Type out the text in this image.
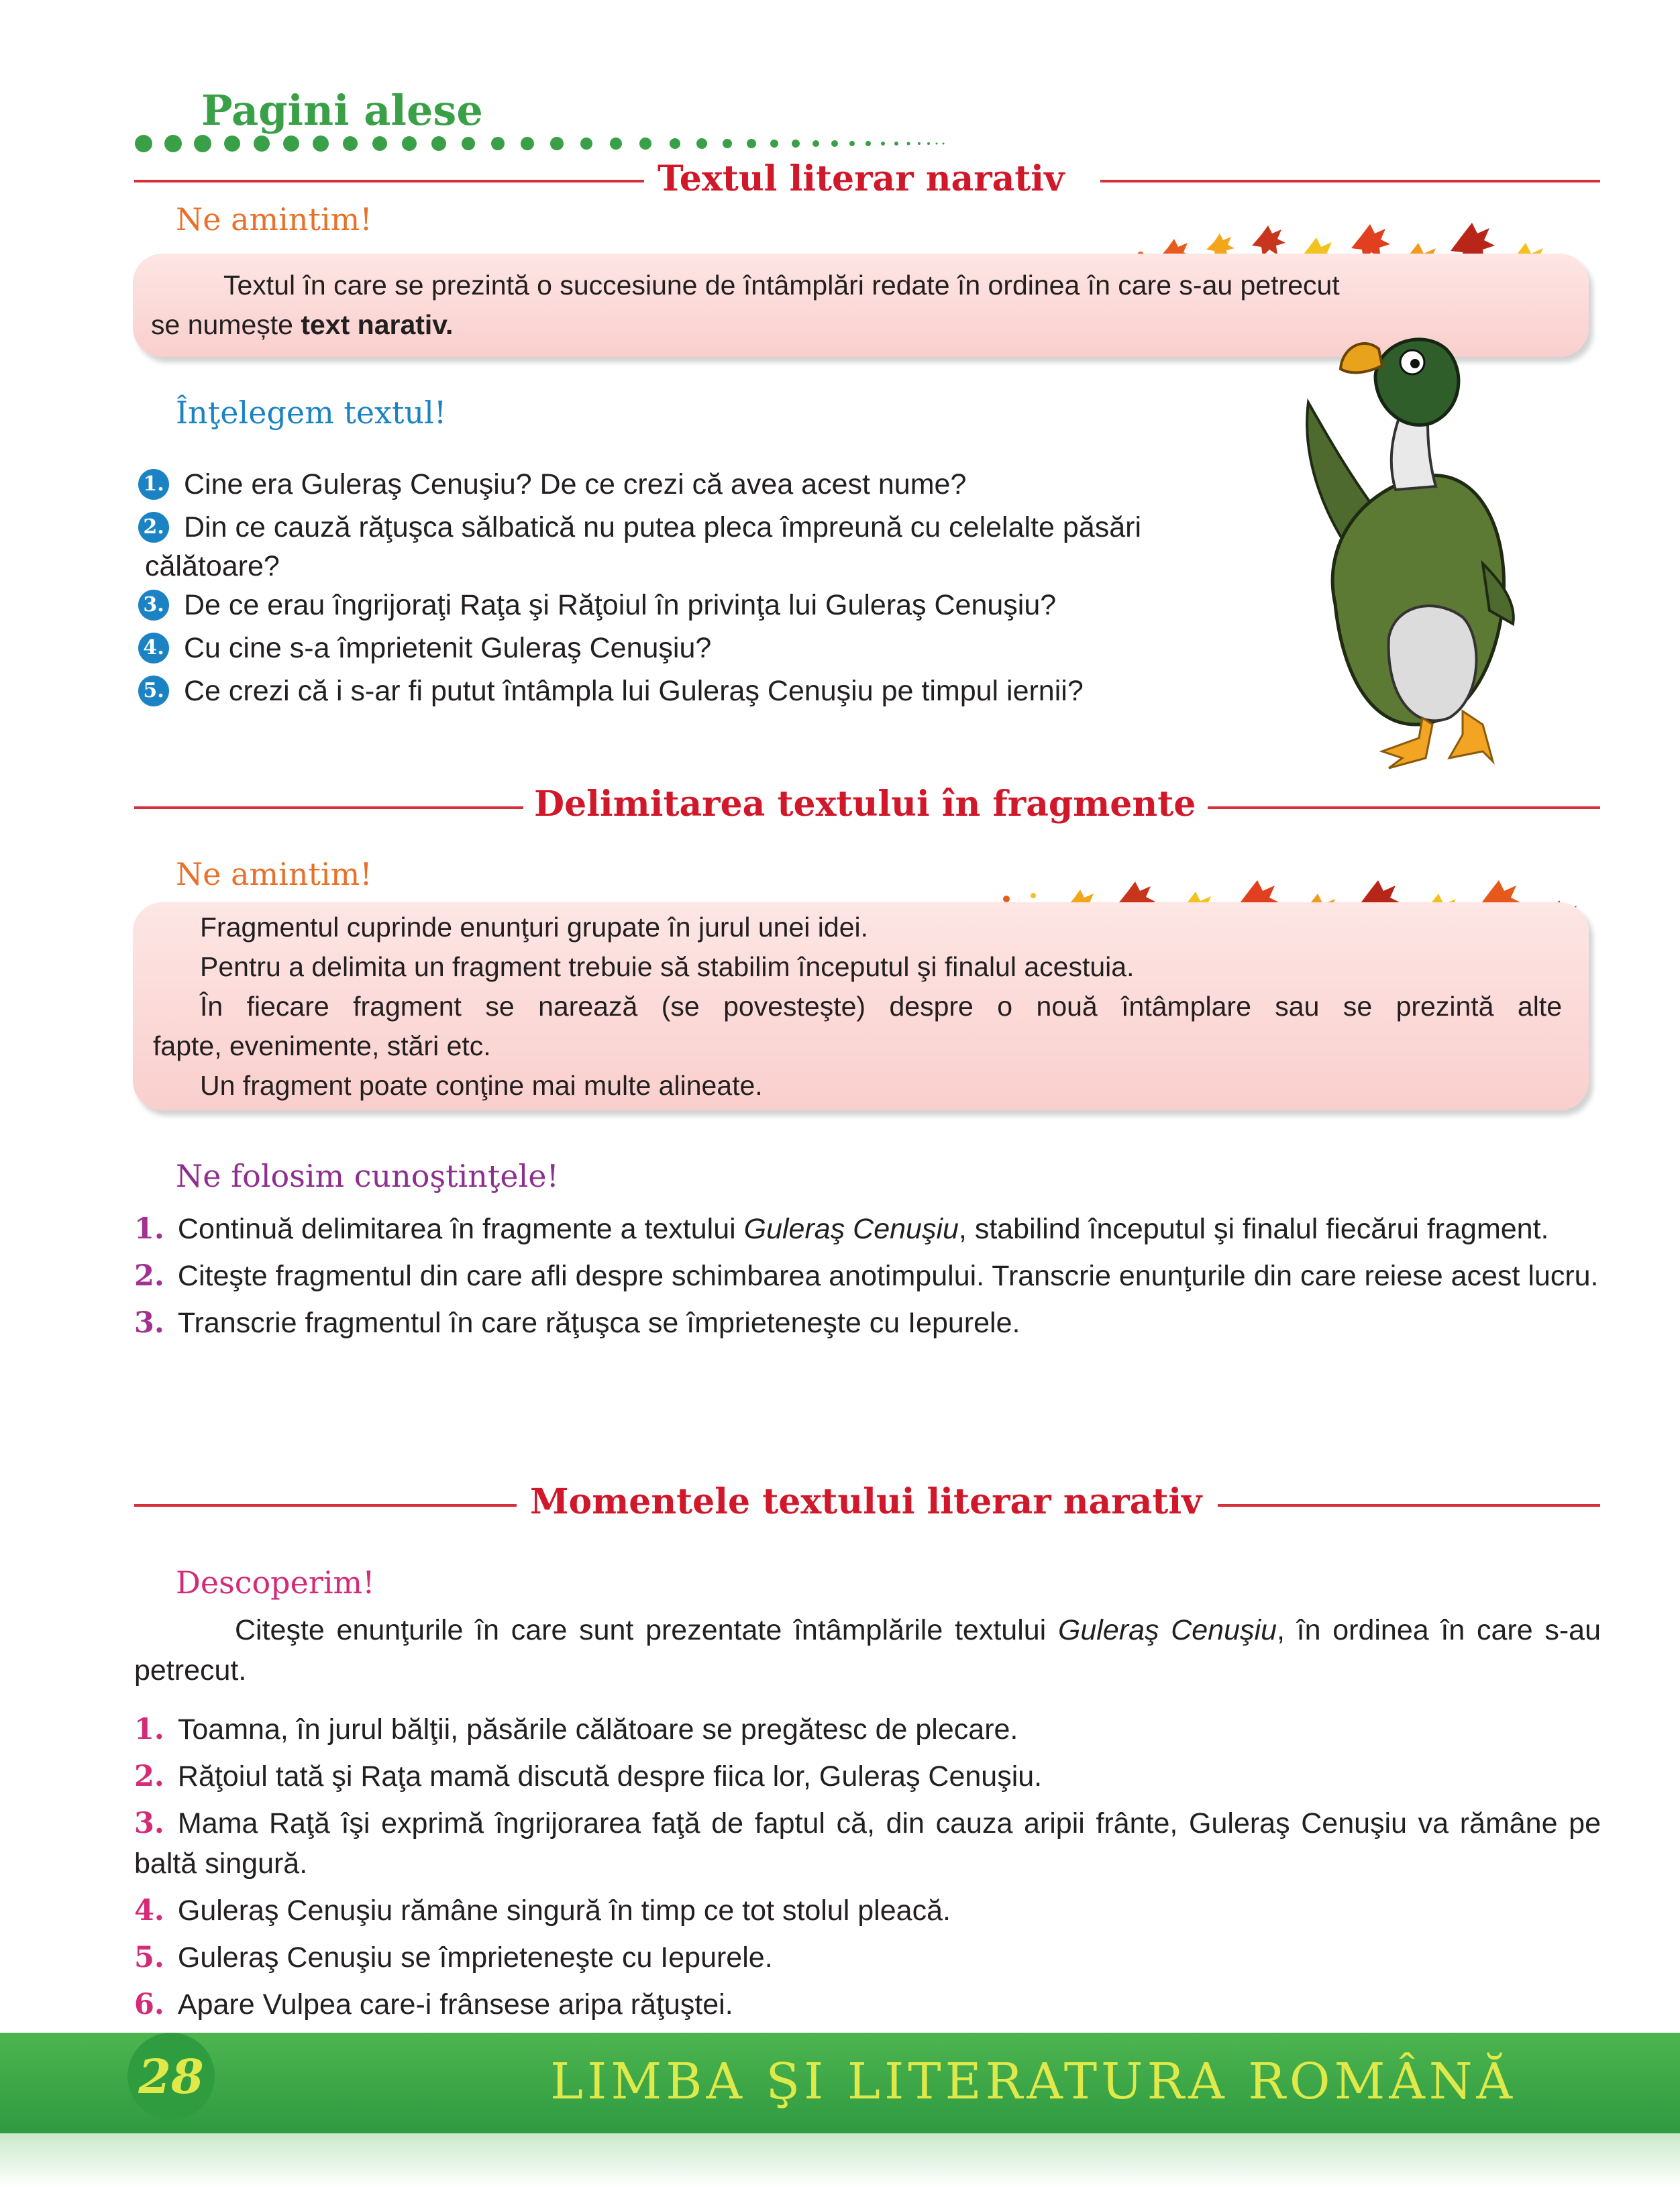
Pagini alese
Textul literar narativ
Ne amintim!

Textul în care se prezintă o succesiune de întâmplări redate în ordinea în care s-au petrecut

se numește text narativ.

Înţelegem textul!
1. Cine era Guleraş Cenuşiu? De ce crezi că avea acest nume?
2. Din ce cauză răţuşca sălbatică nu putea pleca împreună cu celelalte păsări
călătoare?
3. De ce erau îngrijoraţi Raţa şi Răţoiul în privinţa lui Guleraş Cenuşiu?
4. Cu cine s-a împrietenit Guleraş Cenuşiu?
5. Ce crezi că i s-ar fi putut întâmpla lui Guleraş Cenuşiu pe timpul iernii?
Delimitarea textului în fragmente
Ne amintim!

Fragmentul cuprinde enunţuri grupate în jurul unei idei.

Pentru a delimita un fragment trebuie să stabilim începutul şi finalul acestuia.

În fiecare fragment se narează (se povesteşte) despre o nouă întâmplare sau se prezintă alte

fapte, evenimente, stări etc.

Un fragment poate conţine mai multe alineate.

Ne folosim cunoştinţele!
1. Continuă delimitarea în fragmente a textului Guleraş Cenuşiu, stabilind începutul şi finalul fiecărui fragment.
2. Citeşte fragmentul din care afli despre schimbarea anotimpului. Transcrie enunţurile din care reiese acest lucru.
3. Transcrie fragmentul în care răţuşca se împrieteneşte cu Iepurele.
Momentele textului literar narativ
Descoperim!
Citeşte enunţurile în care sunt prezentate întâmplările textului Guleraş Cenuşiu, în ordinea în care s-au petrecut.
1. Toamna, în jurul bălţii, păsările călătoare se pregătesc de plecare.
2. Răţoiul tată şi Raţa mamă discută despre fiica lor, Guleraş Cenuşiu.
3. Mama Raţă îşi exprimă îngrijorarea faţă de faptul că, din cauza aripii frânte, Guleraş Cenuşiu va rămâne pe baltă singură.
4. Guleraş Cenuşiu rămâne singură în timp ce tot stolul pleacă.
5. Guleraş Cenuşiu se împrieteneşte cu Iepurele.
6. Apare Vulpea care-i frânsese aripa răţuştei.
28	LIMBA ŞI LITERATURA ROMÂNĂ
